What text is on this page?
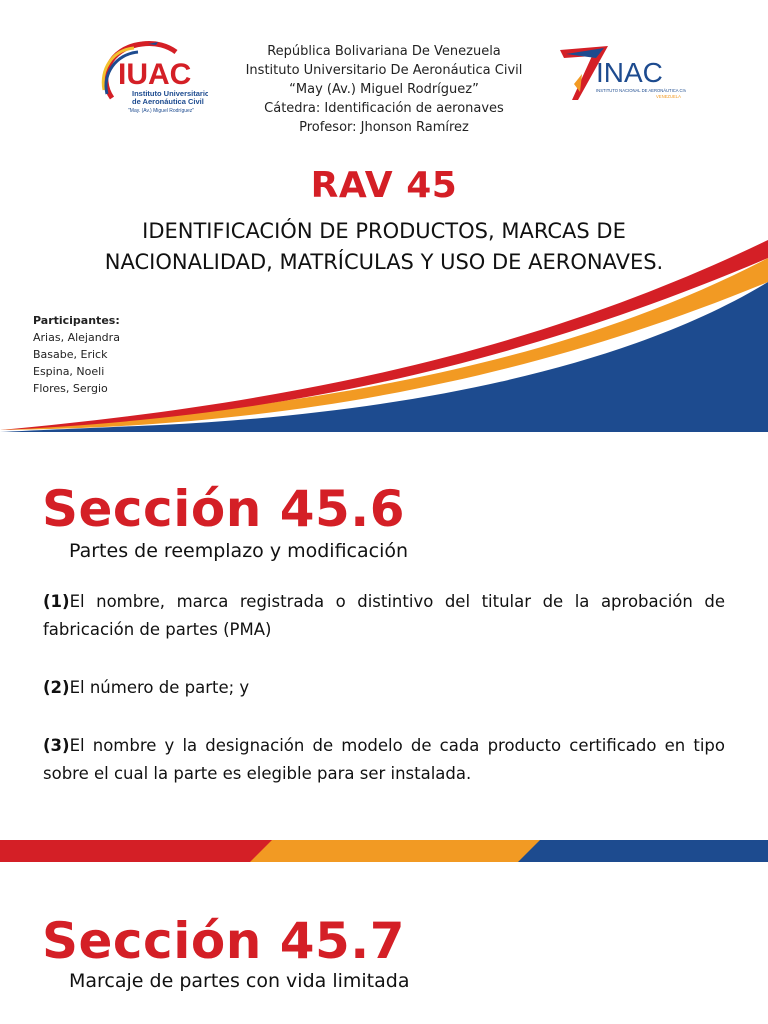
IUAC
Instituto Universitario
de Aeronáutica Civil
"May. (Av.) Miguel Rodríguez"
República Bolivariana De Venezuela
Instituto Universitario De Aeronáutica Civil
“May (Av.) Miguel Rodríguez”
Cátedra: Identificación de aeronaves
Profesor: Jhonson Ramírez
INAC
INSTITUTO NACIONAL DE AERONÁUTICA CIVIL
VENEZUELA
RAV 45
IDENTIFICACIÓN DE PRODUCTOS, MARCAS DE
NACIONALIDAD, MATRÍCULAS Y USO DE AERONAVES.
Participantes:
Arias, Alejandra
Basabe, Erick
Espina, Noeli
Flores, Sergio
Sección 45.6
Partes de reemplazo y modificación
(1)El nombre, marca registrada o distintivo del titular de la aprobación de fabricación de partes (PMA)
(2)El número de parte; y
(3)El nombre y la designación de modelo de cada producto certificado en tipo sobre el cual la parte es elegible para ser instalada.
Sección 45.7
Marcaje de partes con vida limitada
